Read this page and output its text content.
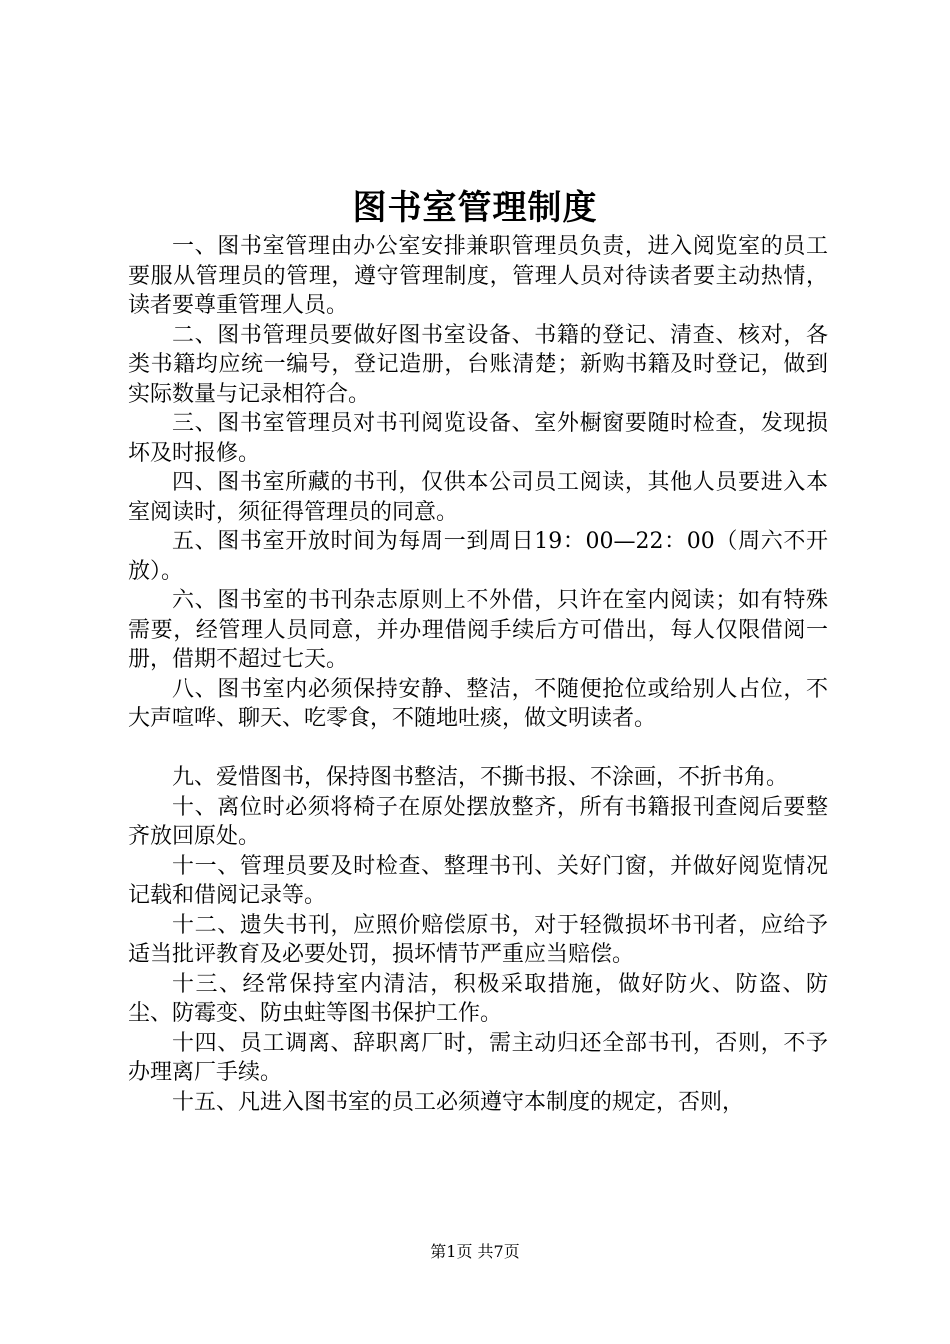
图书室管理制度

一、图书室管理由办公室安排兼职管理员负责，进入阅览室的员工要服从管理员的管理，遵守管理制度，管理人员对待读者要主动热情，读者要尊重管理人员。

二、图书管理员要做好图书室设备、书籍的登记、清查、核对，各类书籍均应统一编号，登记造册，台账清楚；新购书籍及时登记，做到实际数量与记录相符合。

三、图书室管理员对书刊阅览设备、室外橱窗要随时检查，发现损坏及时报修。

四、图书室所藏的书刊，仅供本公司员工阅读，其他人员要进入本室阅读时，须征得管理员的同意。

五、图书室开放时间为每周一到周日19：00—22：00（周六不开放）。

六、图书室的书刊杂志原则上不外借，只许在室内阅读；如有特殊需要，经管理人员同意，并办理借阅手续后方可借出，每人仅限借阅一册，借期不超过七天。

八、图书室内必须保持安静、整洁，不随便抢位或给别人占位，不大声喧哗、聊天、吃零食，不随地吐痰，做文明读者。

九、爱惜图书，保持图书整洁，不撕书报、不涂画，不折书角。

十、离位时必须将椅子在原处摆放整齐，所有书籍报刊查阅后要整齐放回原处。

十一、管理员要及时检查、整理书刊、关好门窗，并做好阅览情况记载和借阅记录等。

十二、遗失书刊，应照价赔偿原书，对于轻微损坏书刊者，应给予适当批评教育及必要处罚，损坏情节严重应当赔偿。

十三、经常保持室内清洁，积极采取措施，做好防火、防盗、防尘、防霉变、防虫蛀等图书保护工作。

十四、员工调离、辞职离厂时，需主动归还全部书刊，否则，不予办理离厂手续。

十五、凡进入图书室的员工必须遵守本制度的规定，否则，

第1页 共7页
